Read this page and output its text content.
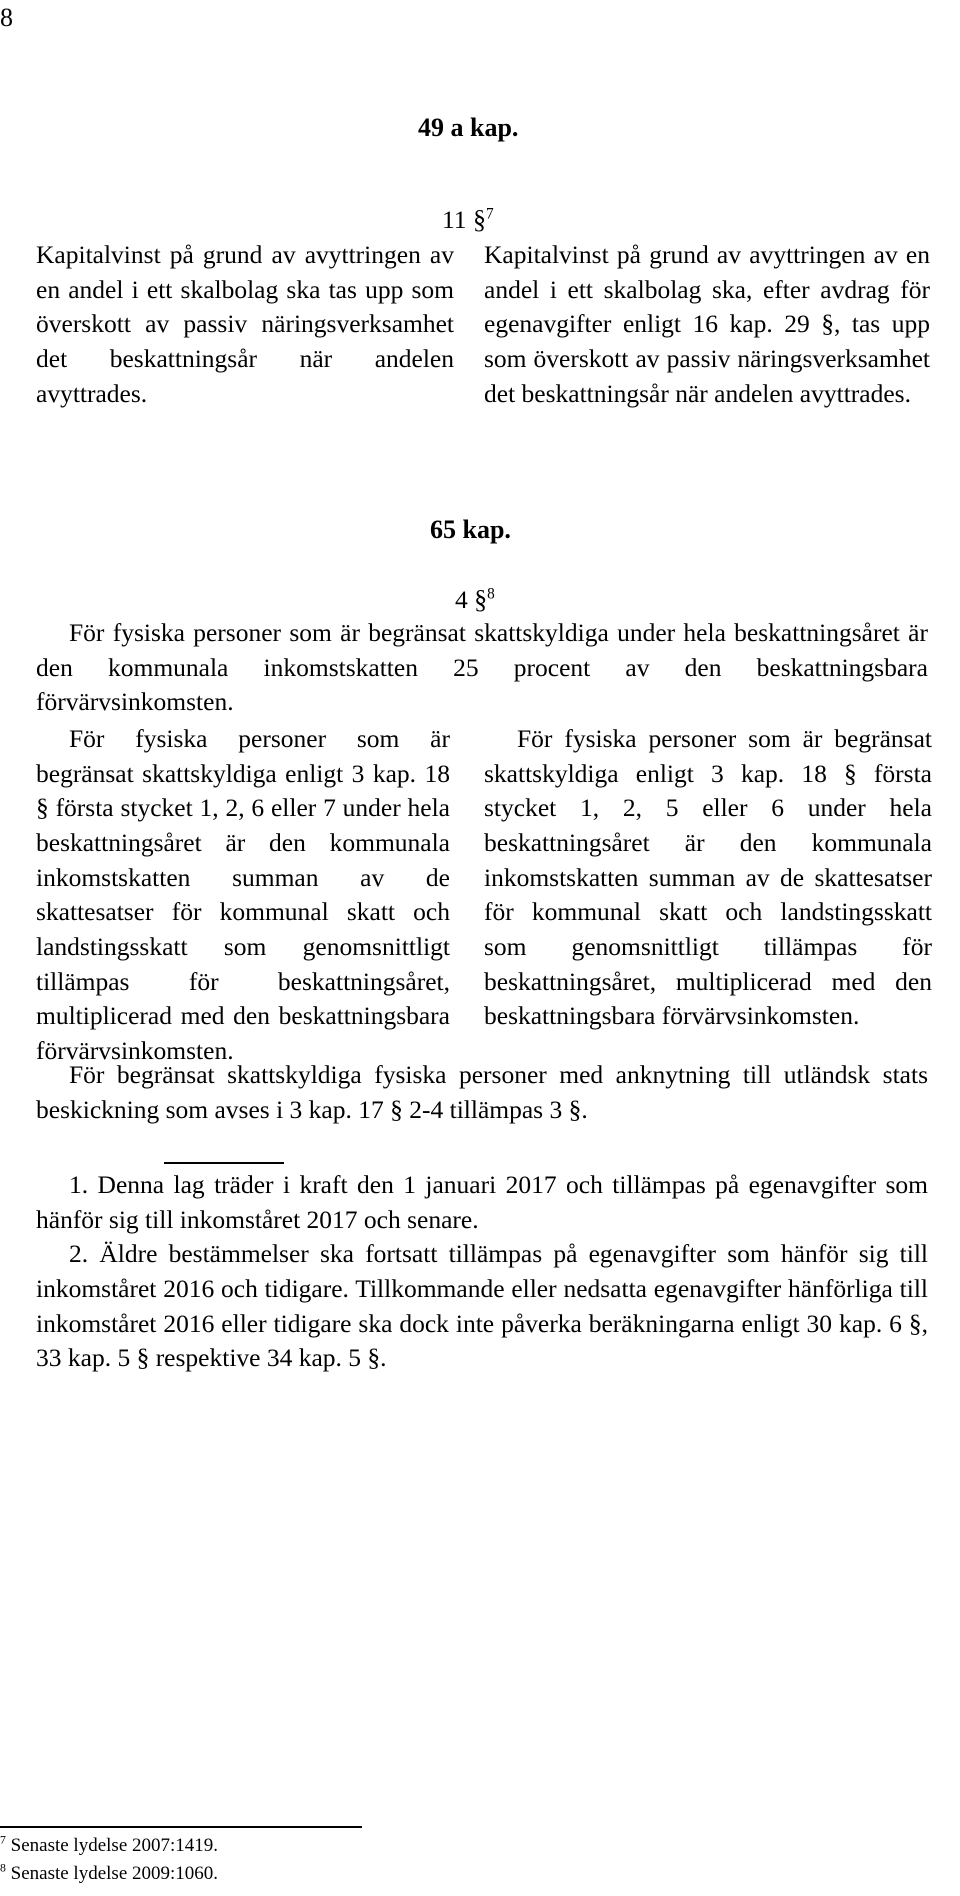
8
49 a kap.
11 §$^7$

Kapitalvinst på grund av avyttringen av en andel i ett skalbolag ska tas upp som överskott av passiv näringsverksamhet det beskattningsår när andelen avyttrades.

Kapitalvinst på grund av avyttringen av en andel i ett skalbolag ska, efter avdrag för egenavgifter enligt 16 kap. 29 §, tas upp som överskott av passiv näringsverksamhet det beskattningsår när andelen avyttrades.

65 kap.
4 §$^8$

För fysiska personer som är begränsat skattskyldiga under hela beskattningsåret är den kommunala inkomstskatten 25 procent av den beskattningsbara förvärvsinkomsten.

För fysiska personer som är begränsat skattskyldiga enligt 3 kap. 18 § första stycket 1, 2, 6 eller 7 under hela beskattningsåret är den kommunala inkomstskatten summan av de skattesatser för kommunal skatt och landstingsskatt som genomsnittligt tillämpas för beskattningsåret, multiplicerad med den beskattningsbara förvärvsinkomsten.

För fysiska personer som är begränsat skattskyldiga enligt 3 kap. 18 § första stycket 1, 2, 5 eller 6 under hela beskattningsåret är den kommunala inkomstskatten summan av de skattesatser för kommunal skatt och landstingsskatt som genomsnittligt tillämpas för beskattningsåret, multiplicerad med den beskattningsbara förvärvsinkomsten.

För begränsat skattskyldiga fysiska personer med anknytning till utländsk stats beskickning som avses i 3 kap. 17 § 2-4 tillämpas 3 §.

1. Denna lag träder i kraft den 1 januari 2017 och tillämpas på egenavgifter som hänför sig till inkomståret 2017 och senare.

2. Äldre bestämmelser ska fortsatt tillämpas på egenavgifter som hänför sig till inkomståret 2016 och tidigare. Tillkommande eller nedsatta egenavgifter hänförliga till inkomståret 2016 eller tidigare ska dock inte påverka beräkningarna enligt 30 kap. 6 §, 33 kap. 5 § respektive 34 kap. 5 §.

$^7$ Senaste lydelse 2007:1419.
$^8$ Senaste lydelse 2009:1060.
